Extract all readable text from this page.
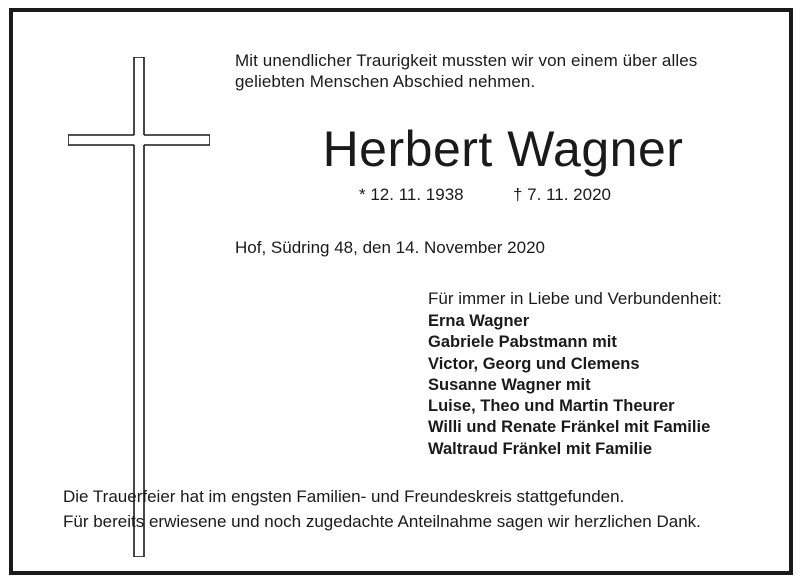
Mit unendlicher Traurigkeit mussten wir von einem über alles
geliebten Menschen Abschied nehmen.
Herbert Wagner
* 12. 11. 1938	† 7. 11. 2020
Hof, Südring 48, den 14. November 2020
Für immer in Liebe und Verbundenheit:
Erna Wagner
Gabriele Pabstmann mit
Victor, Georg und Clemens
Susanne Wagner mit
Luise, Theo und Martin Theurer
Willi und Renate Fränkel mit Familie
Waltraud Fränkel mit Familie
Die Trauerfeier hat im engsten Familien- und Freundeskreis stattgefunden.
Für bereits erwiesene und noch zugedachte Anteilnahme sagen wir herzlichen Dank.
